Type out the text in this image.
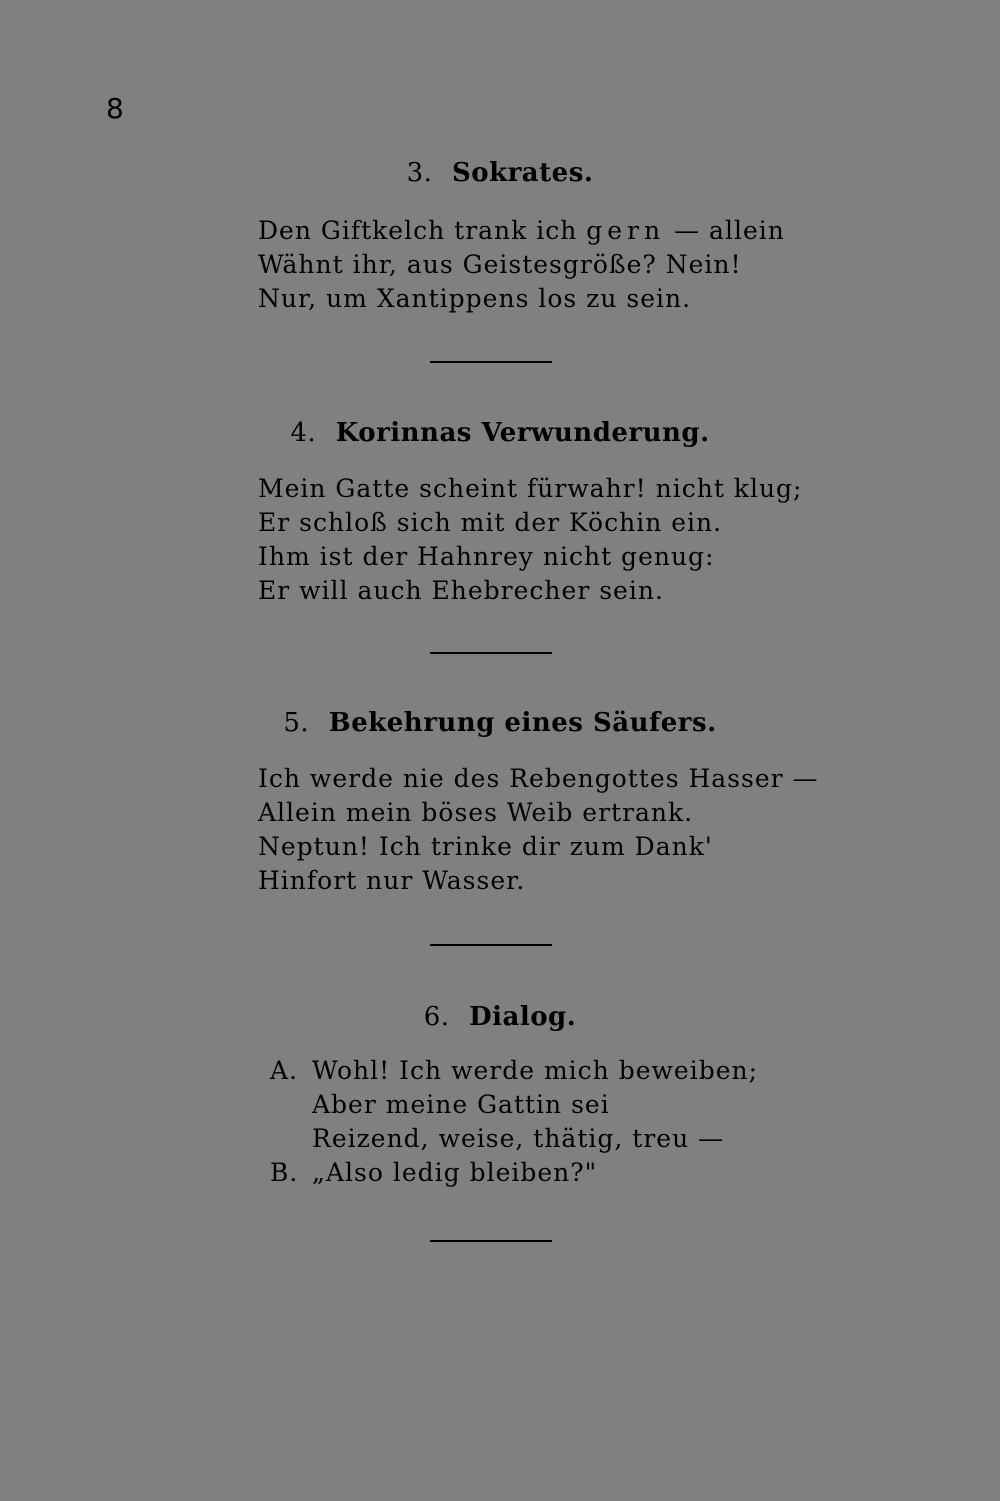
8
3. Sokrates.
Den Giftkelch trank ich gern — allein
Wähnt ihr, aus Geistesgröße? Nein!
Nur, um Xantippens los zu sein.
4. Korinnas Verwunderung.
Mein Gatte scheint fürwahr! nicht klug;
Er schloß sich mit der Köchin ein.
Ihm ist der Hahnrey nicht genug:
Er will auch Ehebrecher sein.
5. Bekehrung eines Säufers.
Ich werde nie des Rebengottes Hasser —
Allein mein böses Weib ertrank.
Neptun! Ich trinke dir zum Dank'
Hinfort nur Wasser.
6. Dialog.
A. Wohl! Ich werde mich beweiben;
Aber meine Gattin sei
Reizend, weise, thätig, treu —
B. „Also ledig bleiben?"
